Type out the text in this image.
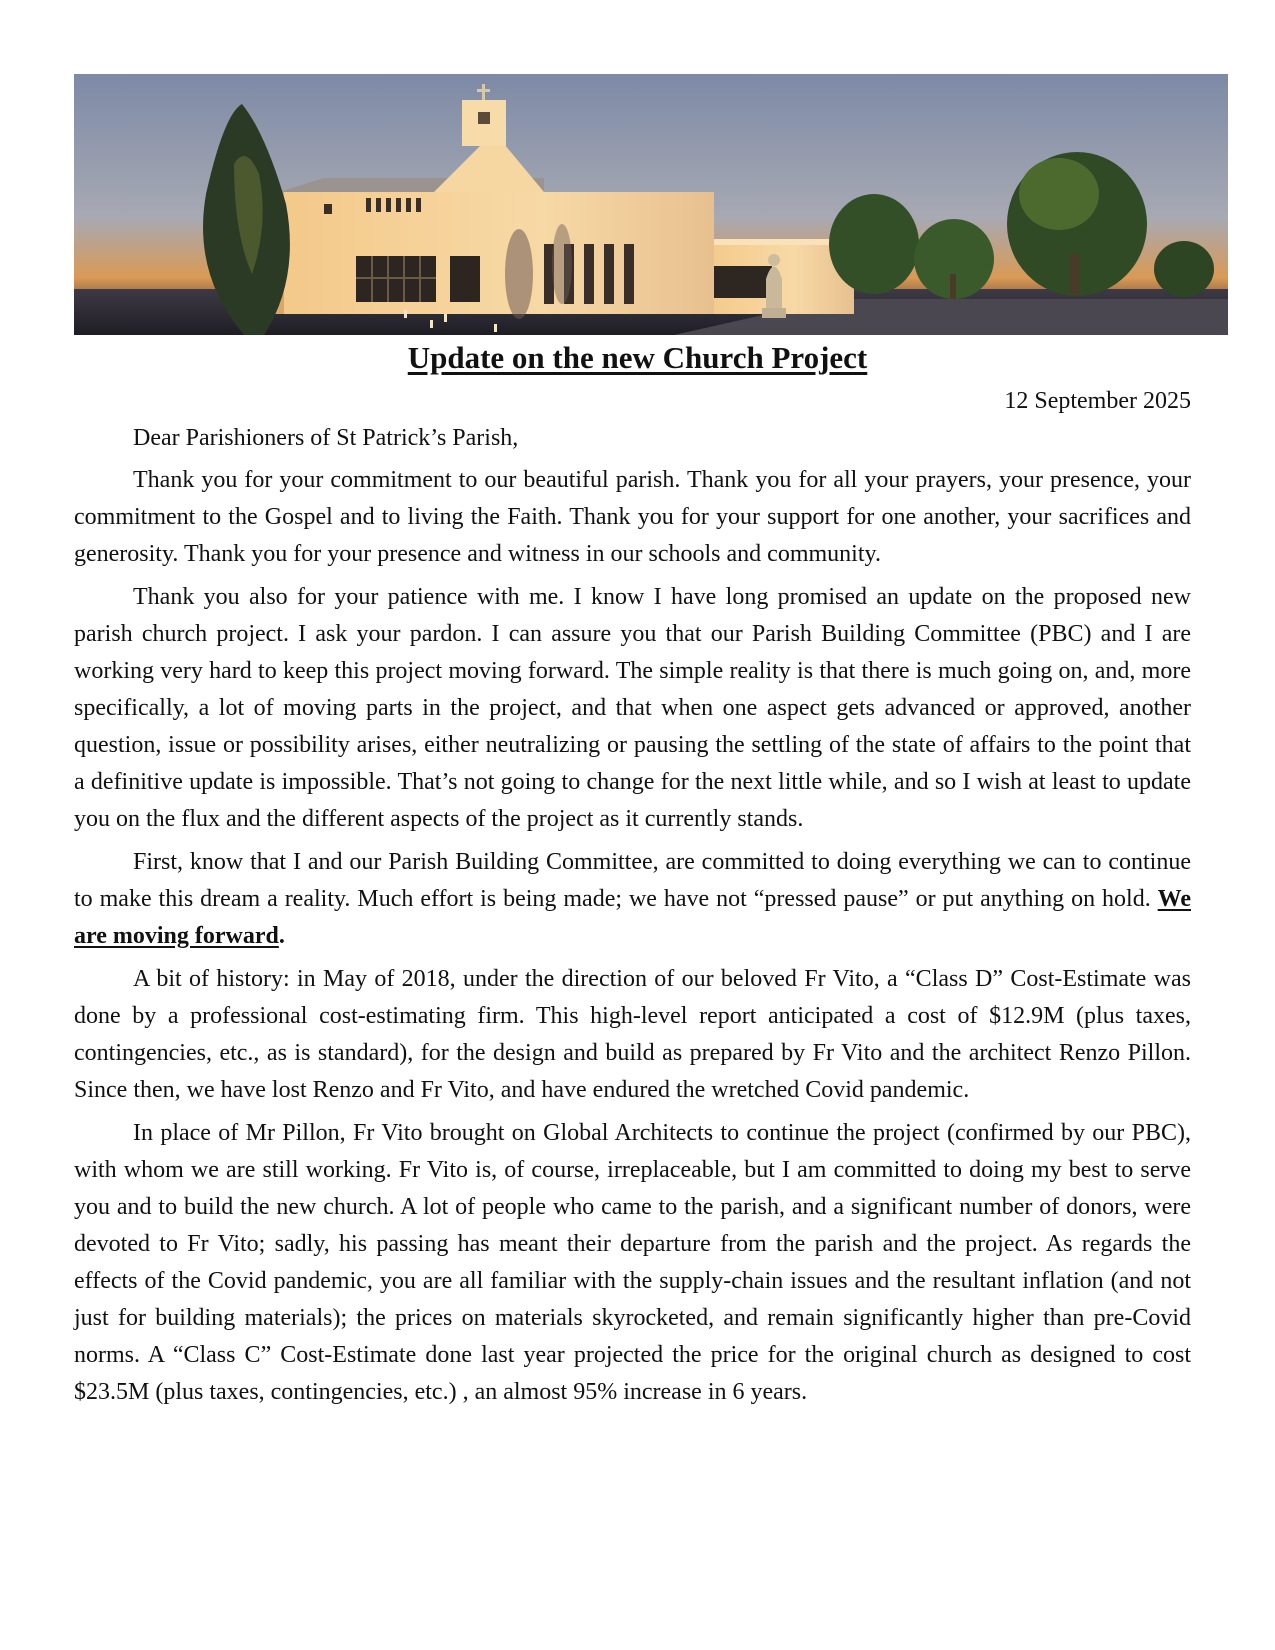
Update on the new Church Project

12 September 2025

Dear Parishioners of St Patrick’s Parish,

Thank you for your commitment to our beautiful parish. Thank you for all your prayers, your presence, your commitment to the Gospel and to living the Faith. Thank you for your support for one another, your sacrifices and generosity. Thank you for your presence and witness in our schools and community.

Thank you also for your patience with me. I know I have long promised an update on the proposed new parish church project. I ask your pardon. I can assure you that our Parish Building Committee (PBC) and I are working very hard to keep this project moving forward. The simple reality is that there is much going on, and, more specifically, a lot of moving parts in the project, and that when one aspect gets advanced or approved, another question, issue or possibility arises, either neutralizing or pausing the settling of the state of affairs to the point that a definitive update is impossible. That’s not going to change for the next little while, and so I wish at least to update you on the flux and the different aspects of the project as it currently stands.

First, know that I and our Parish Building Committee, are committed to doing everything we can to continue to make this dream a reality. Much effort is being made; we have not “pressed pause” or put anything on hold. We are moving forward.

A bit of history: in May of 2018, under the direction of our beloved Fr Vito, a “Class D” Cost-Estimate was done by a professional cost-estimating firm. This high-level report anticipated a cost of $12.9M (plus taxes, contingencies, etc., as is standard), for the design and build as prepared by Fr Vito and the architect Renzo Pillon. Since then, we have lost Renzo and Fr Vito, and have endured the wretched Covid pandemic.

In place of Mr Pillon, Fr Vito brought on Global Architects to continue the project (confirmed by our PBC), with whom we are still working. Fr Vito is, of course, irreplaceable, but I am committed to doing my best to serve you and to build the new church. A lot of people who came to the parish, and a significant number of donors, were devoted to Fr Vito; sadly, his passing has meant their departure from the parish and the project. As regards the effects of the Covid pandemic, you are all familiar with the supply-chain issues and the resultant inflation (and not just for building materials); the prices on materials skyrocketed, and remain significantly higher than pre-Covid norms. A “Class C” Cost-Estimate done last year projected the price for the original church as designed to cost $23.5M (plus taxes, contingencies, etc.) , an almost 95% increase in 6 years.
